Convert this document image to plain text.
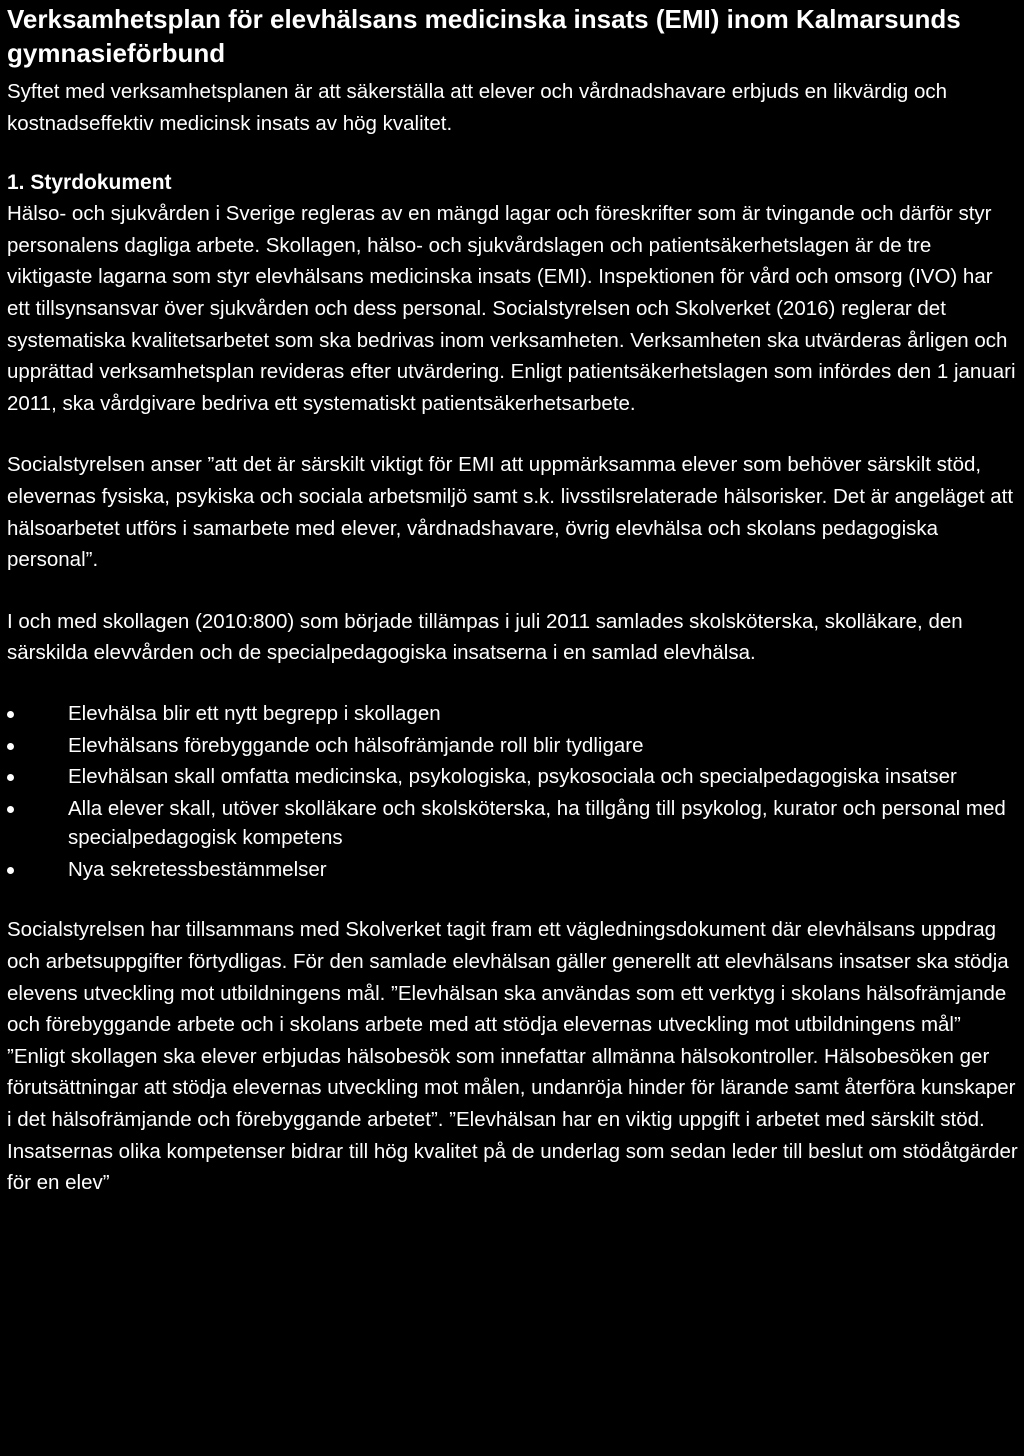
Verksamhetsplan för elevhälsans medicinska insats (EMI) inom Kalmarsunds gymnasieförbund

Syftet med verksamhetsplanen är att säkerställa att elever och vårdnadshavare erbjuds en likvärdig och kostnadseffektiv medicinsk insats av hög kvalitet.

1. Styrdokument

Hälso- och sjukvården i Sverige regleras av en mängd lagar och föreskrifter som är tvingande och därför styr personalens dagliga arbete. Skollagen, hälso- och sjukvårdslagen och patientsäkerhetslagen är de tre viktigaste lagarna som styr elevhälsans medicinska insats (EMI). Inspektionen för vård och omsorg (IVO) har ett tillsynsansvar över sjukvården och dess personal. Socialstyrelsen och Skolverket (2016) reglerar det systematiska kvalitetsarbetet som ska bedrivas inom verksamheten. Verksamheten ska utvärderas årligen och upprättad verksamhetsplan revideras efter utvärdering. Enligt patientsäkerhetslagen som infördes den 1 januari 2011, ska vårdgivare bedriva ett systematiskt patientsäkerhetsarbete.

Socialstyrelsen anser ”att det är särskilt viktigt för EMI att uppmärksamma elever som behöver särskilt stöd, elevernas fysiska, psykiska och sociala arbetsmiljö samt s.k. livsstilsrelaterade hälsorisker. Det är angeläget att hälsoarbetet utförs i samarbete med elever, vårdnadshavare, övrig elevhälsa och skolans pedagogiska personal”.

I och med skollagen (2010:800) som började tillämpas i juli 2011 samlades skolsköterska, skolläkare, den särskilda elevvården och de specialpedagogiska insatserna i en samlad elevhälsa.

Elevhälsa blir ett nytt begrepp i skollagen
Elevhälsans förebyggande och hälsofrämjande roll blir tydligare
Elevhälsan skall omfatta medicinska, psykologiska, psykosociala och specialpedagogiska insatser
Alla elever skall, utöver skolläkare och skolsköterska, ha tillgång till psykolog, kurator och personal med specialpedagogisk kompetens
Nya sekretessbestämmelser

Socialstyrelsen har tillsammans med Skolverket tagit fram ett vägledningsdokument där elevhälsans uppdrag och arbetsuppgifter förtydligas. För den samlade elevhälsan gäller generellt att elevhälsans insatser ska stödja elevens utveckling mot utbildningens mål. ”Elevhälsan ska användas som ett verktyg i skolans hälsofrämjande och förebyggande arbete och i skolans arbete med att stödja elevernas utveckling mot utbildningens mål” ”Enligt skollagen ska elever erbjudas hälsobesök som innefattar allmänna hälsokontroller. Hälsobesöken ger förutsättningar att stödja elevernas utveckling mot målen, undanröja hinder för lärande samt återföra kunskaper i det hälsofrämjande och förebyggande arbetet”. ”Elevhälsan har en viktig uppgift i arbetet med särskilt stöd. Insatsernas olika kompetenser bidrar till hög kvalitet på de underlag som sedan leder till beslut om stödåtgärder för en elev”
